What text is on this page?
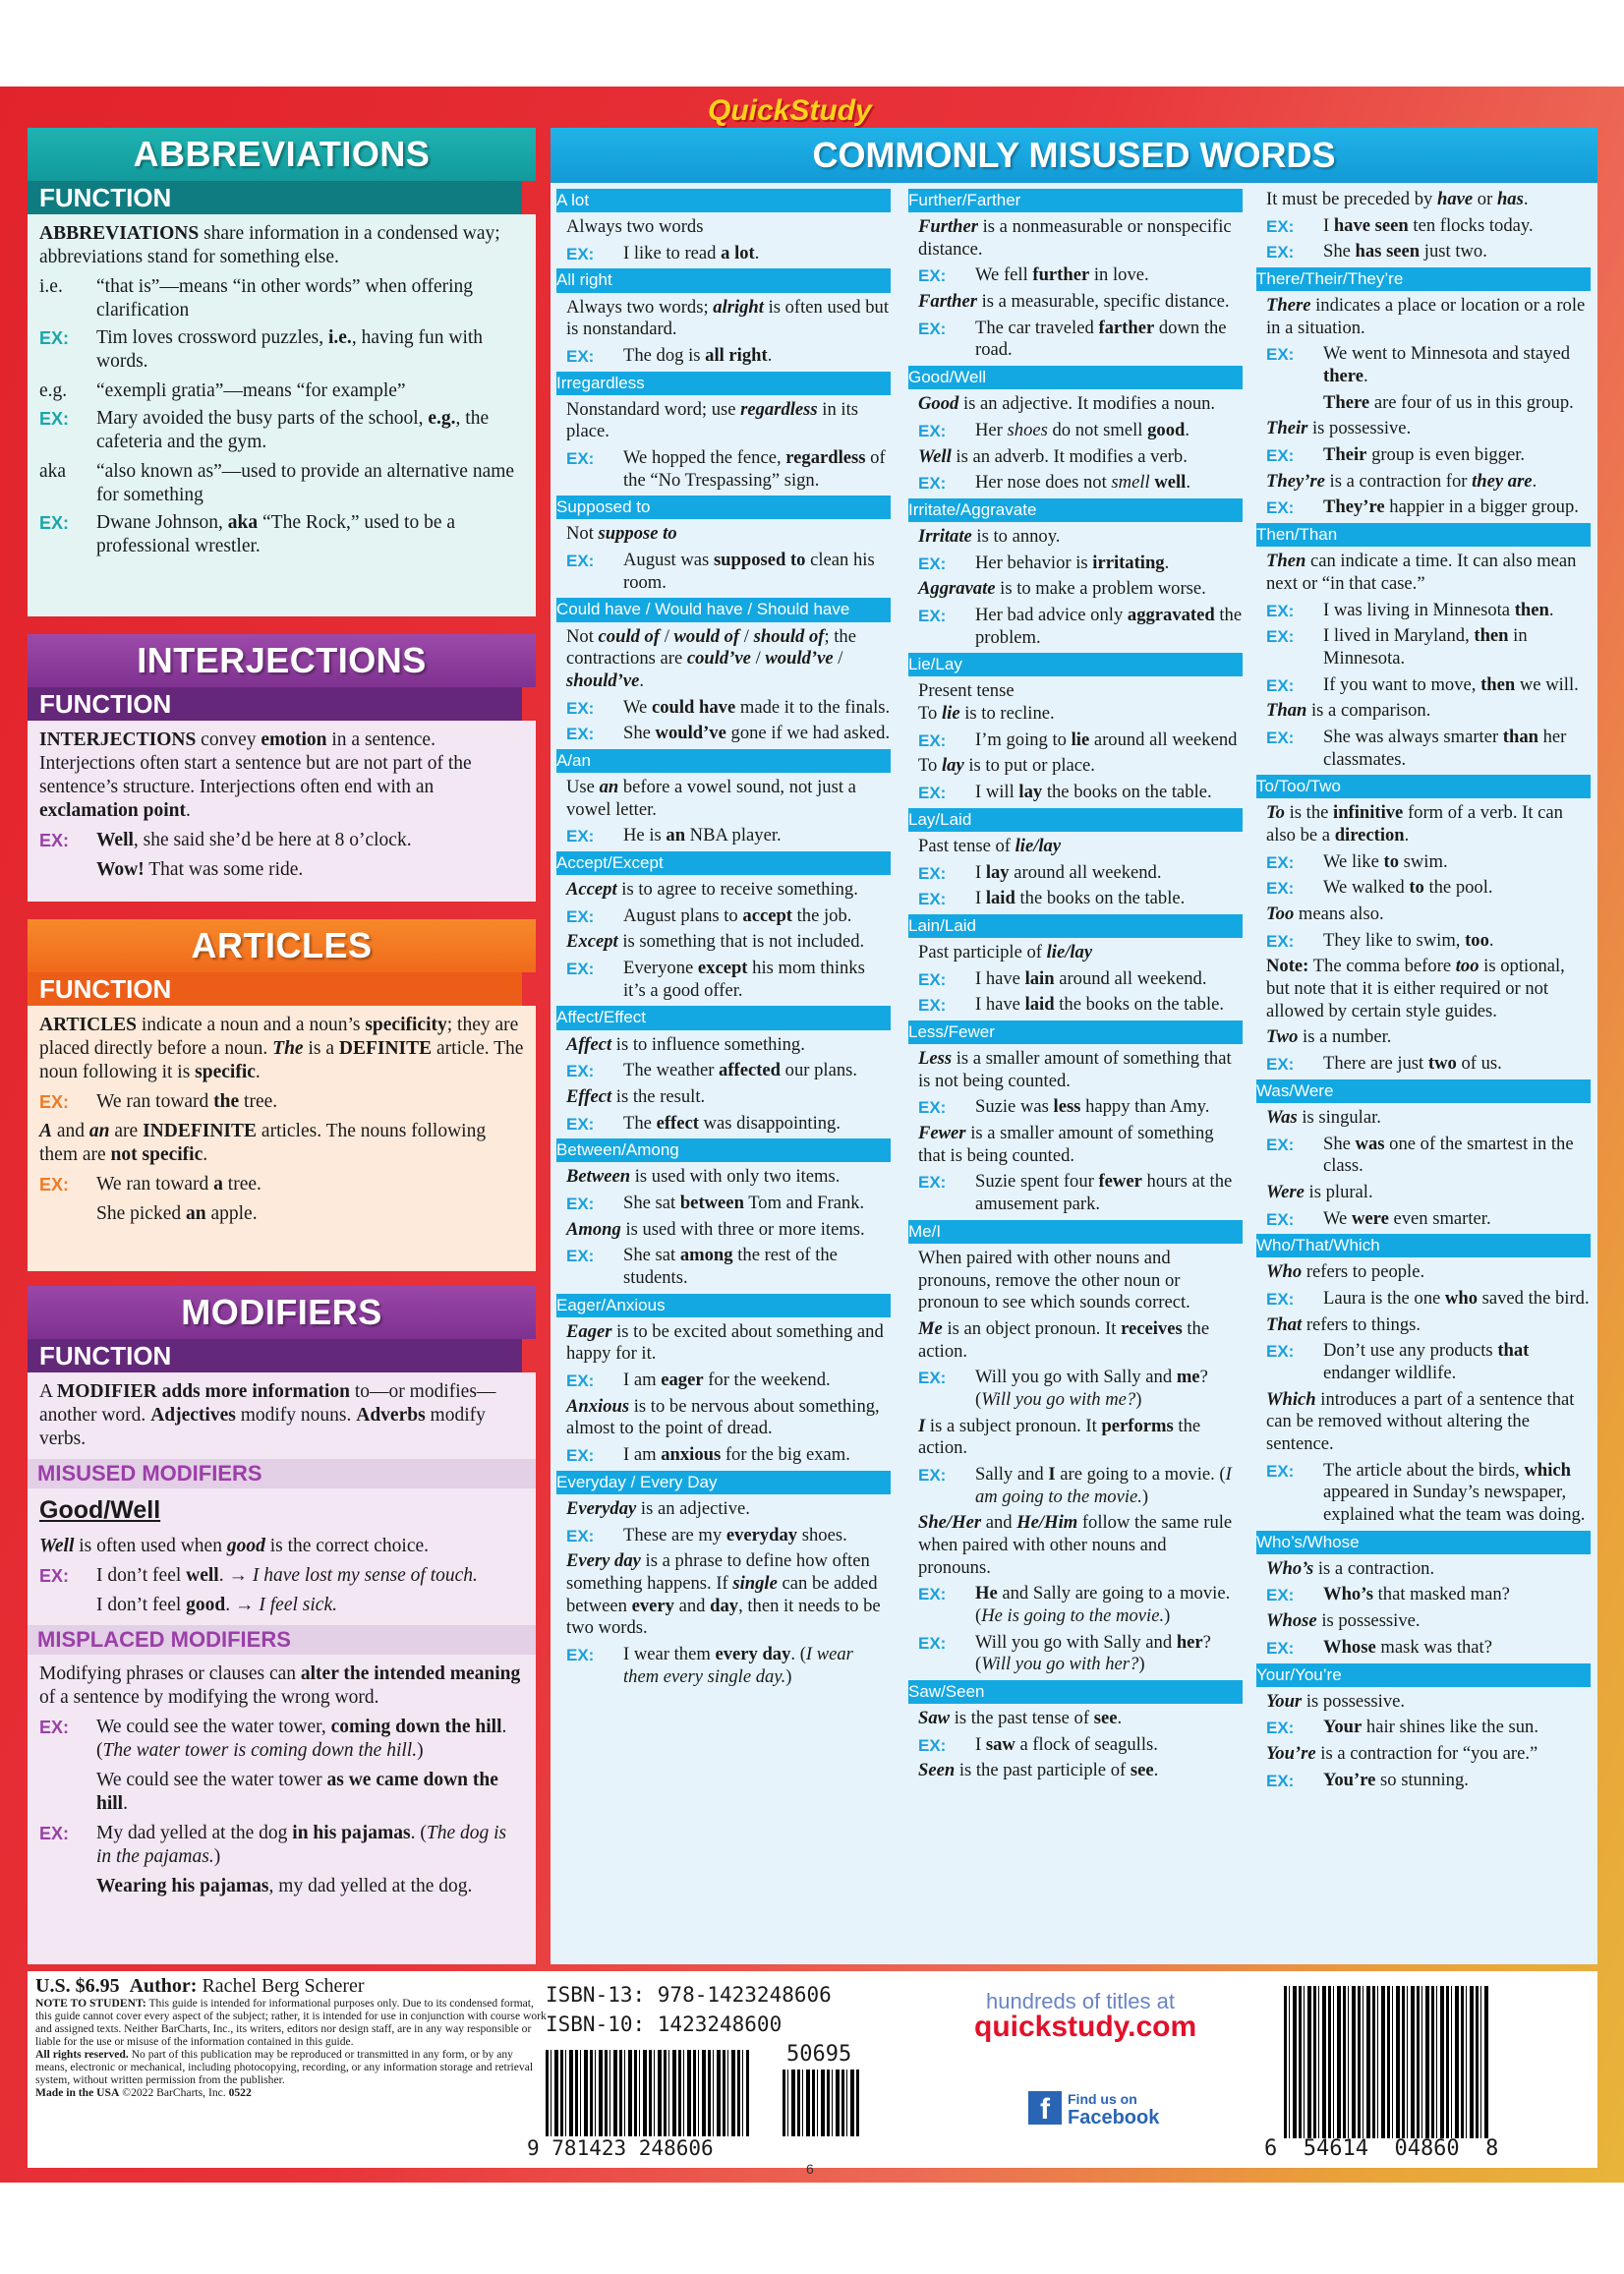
QuickStudy
ABBREVIATIONS
FUNCTION
ABBREVIATIONS share information in a condensed way; abbreviations stand for something else.
i.e.	“that is”—means “in other words” when offering clarification
EX:	Tim loves crossword puzzles, i.e., having fun with words.
e.g.	“exempli gratia”—means “for example”
EX:	Mary avoided the busy parts of the school, e.g., the cafeteria and the gym.
aka	“also known as”—used to provide an alternative name for something
EX:	Dwane Johnson, aka “The Rock,” used to be a professional wrestler.
INTERJECTIONS
FUNCTION
INTERJECTIONS convey emotion in a sentence. Interjections often start a sentence but are not part of the sentence’s structure. Interjections often end with an exclamation point.
EX:	Well, she said she’d be here at 8 o’clock.
Wow! That was some ride.
ARTICLES
FUNCTION
ARTICLES indicate a noun and a noun’s specificity; they are placed directly before a noun. The is a DEFINITE article. The noun following it is specific.
EX:	We ran toward the tree.
A and an are INDEFINITE articles. The nouns following them are not specific.
EX:	We ran toward a tree.
She picked an apple.
MODIFIERS
FUNCTION
A MODIFIER adds more information to—or modifies—another word. Adjectives modify nouns. Adverbs modify verbs.
MISUSED MODIFIERS
Good/Well
Well is often used when good is the correct choice.
EX:	I don’t feel well. → I have lost my sense of touch.
I don’t feel good. → I feel sick.
MISPLACED MODIFIERS
Modifying phrases or clauses can alter the intended meaning of a sentence by modifying the wrong word.
EX:	We could see the water tower, coming down the hill. (The water tower is coming down the hill.)
We could see the water tower as we came down the hill.
EX:	My dad yelled at the dog in his pajamas. (The dog is in the pajamas.)
Wearing his pajamas, my dad yelled at the dog.
COMMONLY MISUSED WORDS
A lot
Always two words
EX:	I like to read a lot.
All right
Always two words; alright is often used but is nonstandard.
EX:	The dog is all right.
Irregardless
Nonstandard word; use regardless in its place.
EX:	We hopped the fence, regardless of the “No Trespassing” sign.
Supposed to
Not suppose to
EX:	August was supposed to clean his room.
Could have / Would have / Should have
Not could of / would of / should of; the contractions are could’ve / would’ve / should’ve.
EX:	We could have made it to the finals.
EX:	She would’ve gone if we had asked.
A/an
Use an before a vowel sound, not just a vowel letter.
EX:	He is an NBA player.
Accept/Except
Accept is to agree to receive something.
EX:	August plans to accept the job.
Except is something that is not included.
EX:	Everyone except his mom thinks it’s a good offer.
Affect/Effect
Affect is to influence something.
EX:	The weather affected our plans.
Effect is the result.
EX:	The effect was disappointing.
Between/Among
Between is used with only two items.
EX:	She sat between Tom and Frank.
Among is used with three or more items.
EX:	She sat among the rest of the students.
Eager/Anxious
Eager is to be excited about something and happy for it.
EX:	I am eager for the weekend.
Anxious is to be nervous about something, almost to the point of dread.
EX:	I am anxious for the big exam.
Everyday / Every Day
Everyday is an adjective.
EX:	These are my everyday shoes.
Every day is a phrase to define how often something happens. If single can be added between every and day, then it needs to be two words.
EX:	I wear them every day. (I wear them every single day.)
Further/Farther
Further is a nonmeasurable or nonspecific distance.
EX:	We fell further in love.
Farther is a measurable, specific distance.
EX:	The car traveled farther down the road.
Good/Well
Good is an adjective. It modifies a noun.
EX:	Her shoes do not smell good.
Well is an adverb. It modifies a verb.
EX:	Her nose does not smell well.
Irritate/Aggravate
Irritate is to annoy.
EX:	Her behavior is irritating.
Aggravate is to make a problem worse.
EX:	Her bad advice only aggravated the problem.
Lie/Lay
Present tense
To lie is to recline.
EX:	I’m going to lie around all weekend
To lay is to put or place.
EX:	I will lay the books on the table.
Lay/Laid
Past tense of lie/lay
EX:	I lay around all weekend.
EX:	I laid the books on the table.
Lain/Laid
Past participle of lie/lay
EX:	I have lain around all weekend.
EX:	I have laid the books on the table.
Less/Fewer
Less is a smaller amount of something that is not being counted.
EX:	Suzie was less happy than Amy.
Fewer is a smaller amount of something that is being counted.
EX:	Suzie spent four fewer hours at the amusement park.
Me/I
When paired with other nouns and pronouns, remove the other noun or pronoun to see which sounds correct.
Me is an object pronoun. It receives the action.
EX:	Will you go with Sally and me? (Will you go with me?)
I is a subject pronoun. It performs the action.
EX:	Sally and I are going to a movie. (I am going to the movie.)
She/Her and He/Him follow the same rule when paired with other nouns and pronouns.
EX:	He and Sally are going to a movie. (He is going to the movie.)
EX:	Will you go with Sally and her? (Will you go with her?)
Saw/Seen
Saw is the past tense of see.
EX:	I saw a flock of seagulls.
Seen is the past participle of see.
It must be preceded by have or has.
EX:	I have seen ten flocks today.
EX:	She has seen just two.
There/Their/They’re
There indicates a place or location or a role in a situation.
EX:	We went to Minnesota and stayed there.
There are four of us in this group.
Their is possessive.
EX:	Their group is even bigger.
They’re is a contraction for they are.
EX:	They’re happier in a bigger group.
Then/Than
Then can indicate a time. It can also mean next or “in that case.”
EX:	I was living in Minnesota then.
EX:	I lived in Maryland, then in Minnesota.
EX:	If you want to move, then we will.
Than is a comparison.
EX:	She was always smarter than her classmates.
To/Too/Two
To is the infinitive form of a verb. It can also be a direction.
EX:	We like to swim.
EX:	We walked to the pool.
Too means also.
EX:	They like to swim, too.
Note: The comma before too is optional, but note that it is either required or not allowed by certain style guides.
Two is a number.
EX:	There are just two of us.
Was/Were
Was is singular.
EX:	She was one of the smartest in the class.
Were is plural.
EX:	We were even smarter.
Who/That/Which
Who refers to people.
EX:	Laura is the one who saved the bird.
That refers to things.
EX:	Don’t use any products that endanger wildlife.
Which introduces a part of a sentence that can be removed without altering the sentence.
EX:	The article about the birds, which appeared in Sunday’s newspaper, explained what the team was doing.
Who’s/Whose
Who’s is a contraction.
EX:	Who’s that masked man?
Whose is possessive.
EX:	Whose mask was that?
Your/You’re
Your is possessive.
EX:	Your hair shines like the sun.
You’re is a contraction for “you are.”
EX:	You’re so stunning.
U.S. $6.95 Author: Rachel Berg Scherer
NOTE TO STUDENT: This guide is intended for informational purposes only. Due to its condensed format, this guide cannot cover every aspect of the subject; rather, it is intended for use in conjunction with course work and assigned texts. Neither BarCharts, Inc., its writers, editors nor design staff, are in any way responsible or liable for the use or misuse of the information contained in this guide.
All rights reserved. No part of this publication may be reproduced or transmitted in any form, or by any means, electronic or mechanical, including photocopying, recording, or any information storage and retrieval system, without written permission from the publisher.
Made in the USA ©2022 BarCharts, Inc. 0522
ISBN-13: 978-1423248606
ISBN-10: 1423248600
50695
9 781423 248606
hundreds of titles at
quickstudy.com
f	Find us on
Facebook
6  54614  04860  8
6
